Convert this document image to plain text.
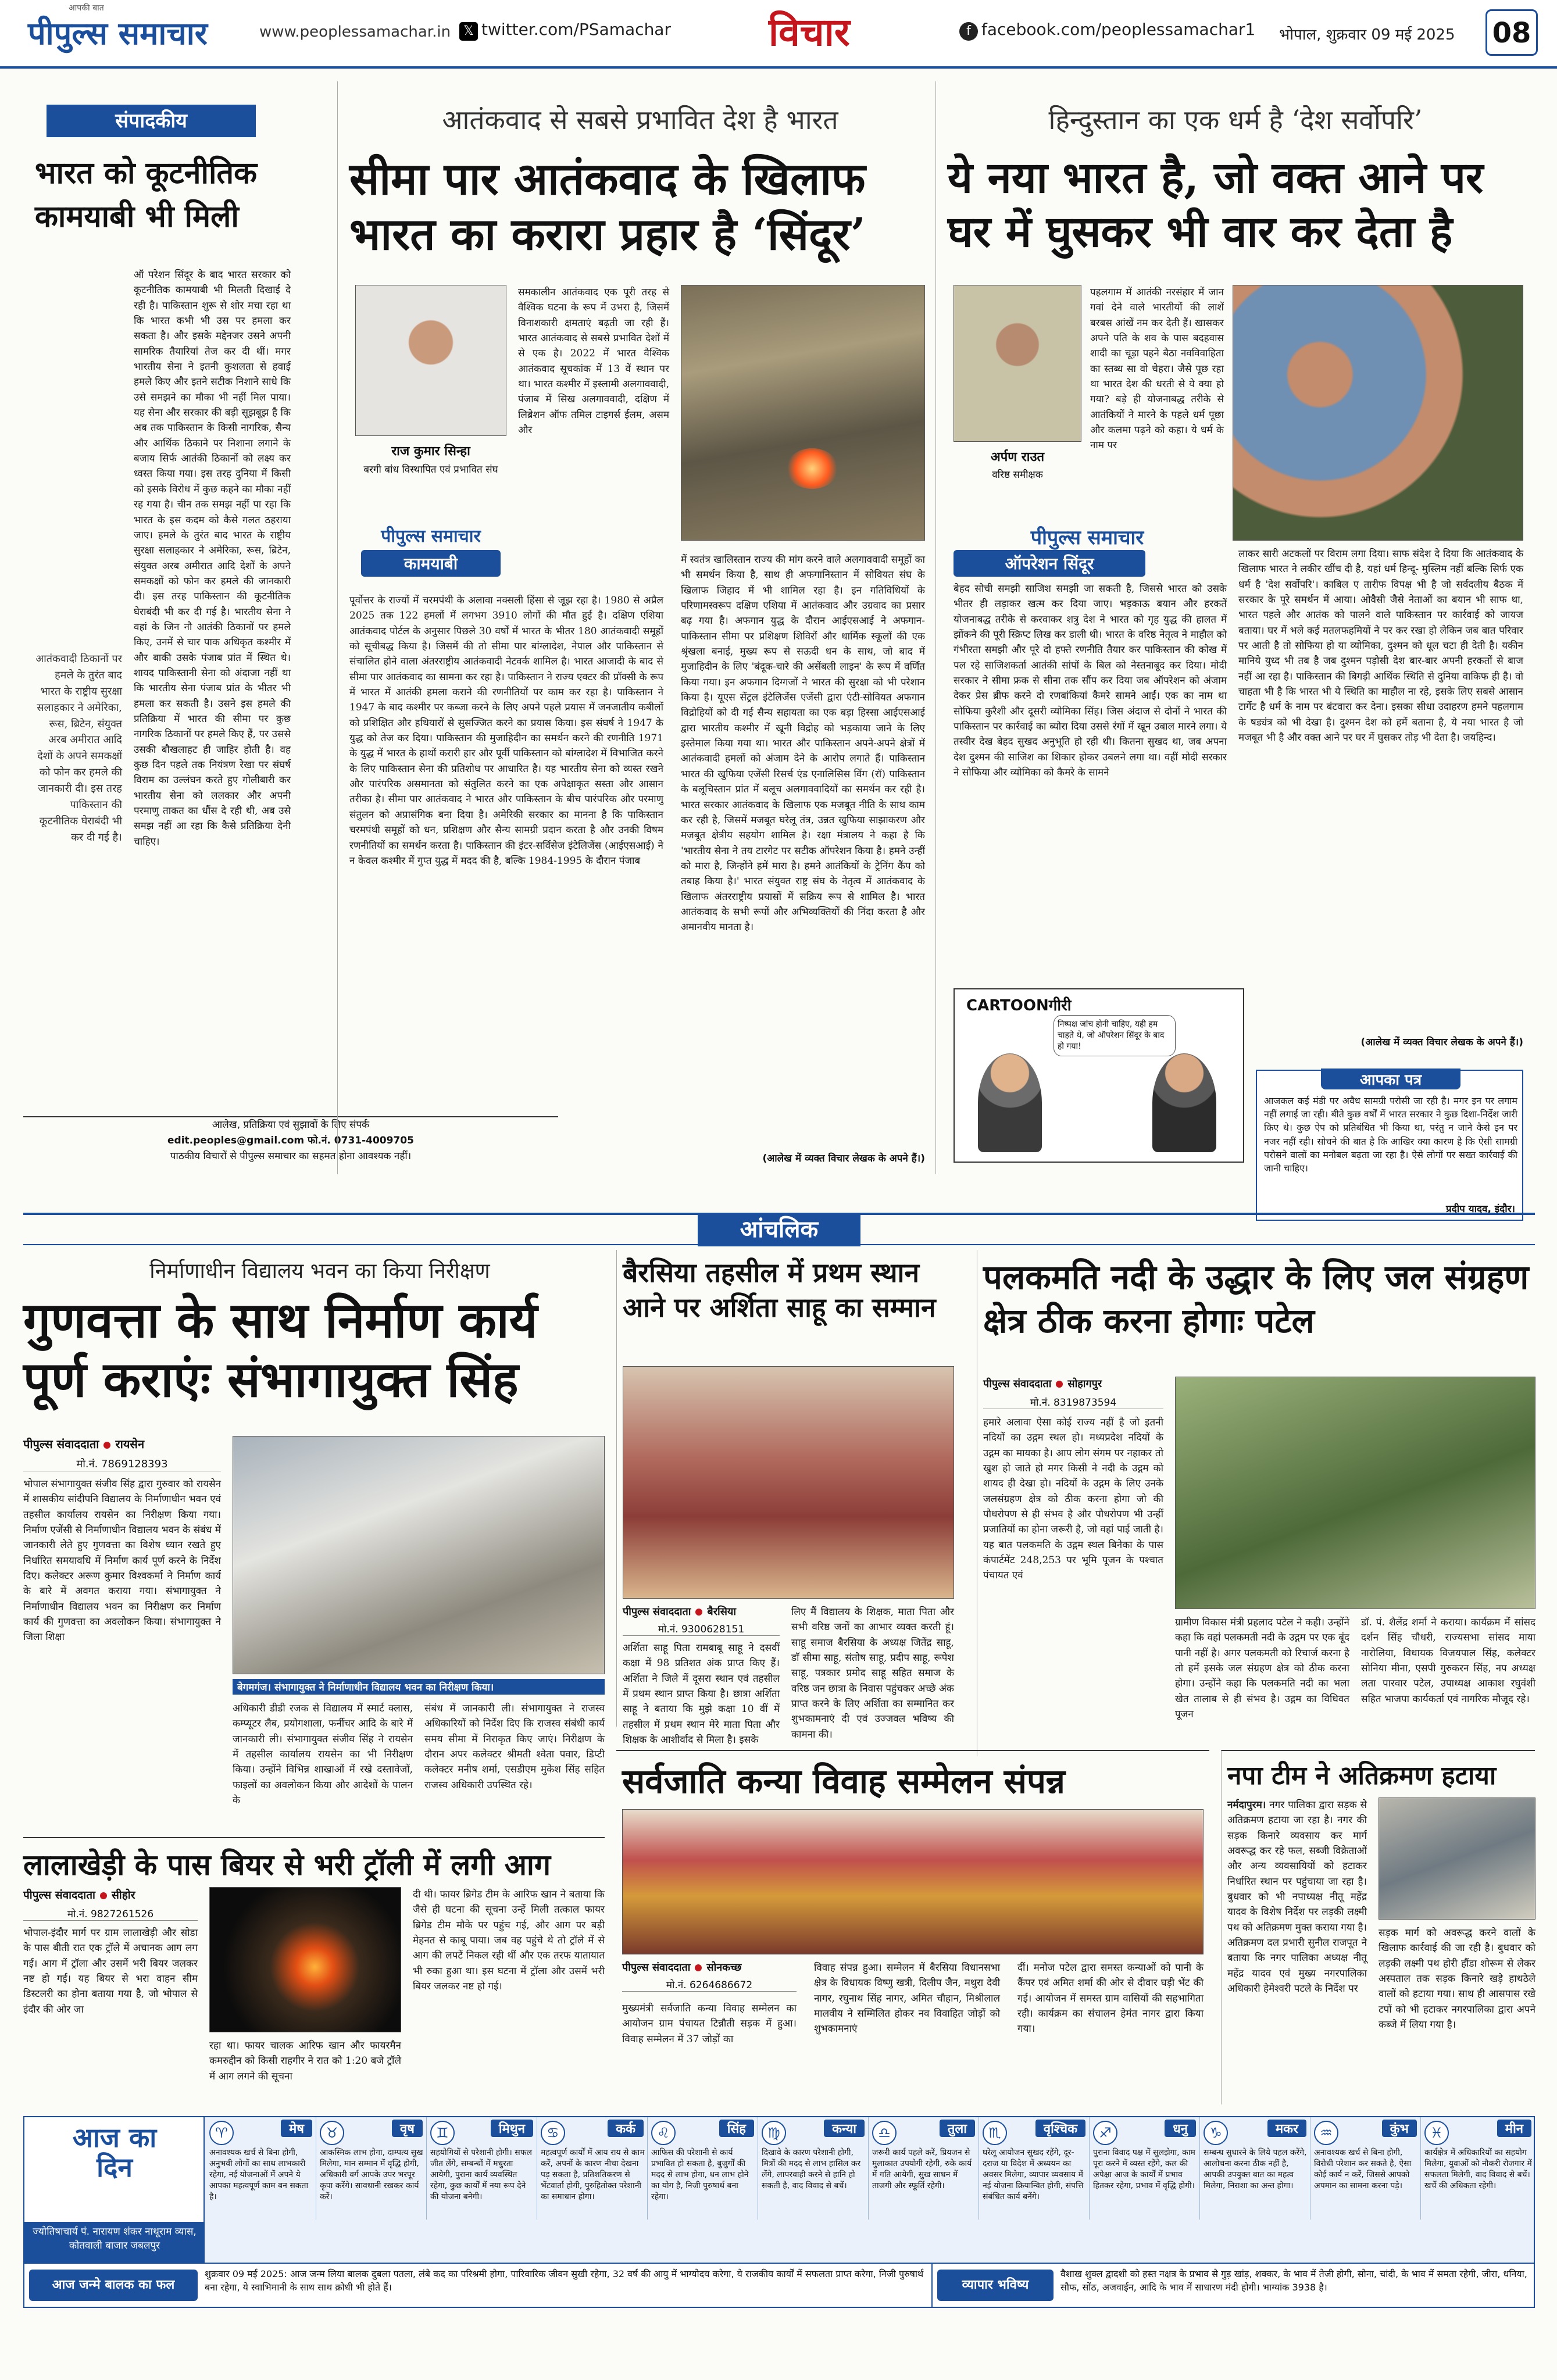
आपकी बात
पीपुल्स समाचार	www.peoplessamachar.in	𝕏 twitter.com/PSamachar	विचार	f facebook.com/peoplessamachar1 भोपाल, शुक्रवार 09 मई 2025 08
संपादकीय
भारत को कूटनीतिक कामयाबी भी मिली
आतंकवादी ठिकानों पर हमले के तुरंत बाद भारत के राष्ट्रीय सुरक्षा सलाहकार ने अमेरिका, रूस, ब्रिटेन, संयुक्त अरब अमीरात आदि देशों के अपने समकक्षों को फोन कर हमले की जानकारी दी। इस तरह पाकिस्तान की कूटनीतिक घेराबंदी भी कर दी गई है।
ऑ परेशन सिंदूर के बाद भारत सरकार को कूटनीतिक कामयाबी भी मिलती दिखाई दे रही है। पाकिस्तान शुरू से शोर मचा रहा था कि भारत कभी भी उस पर हमला कर सकता है। और इसके मद्देनजर उसने अपनी सामरिक तैयारियां तेज कर दी थीं। मगर भारतीय सेना ने इतनी कुशलता से हवाई हमले किए और इतने सटीक निशाने साधे कि उसे समझने का मौका भी नहीं मिल पाया। यह सेना और सरकार की बड़ी सूझबूझ है कि अब तक पाकिस्तान के किसी नागरिक, सैन्य और आर्थिक ठिकाने पर निशाना लगाने के बजाय सिर्फ आतंकी ठिकानों को लक्ष्य कर ध्वस्त किया गया। इस तरह दुनिया में किसी को इसके विरोध में कुछ कहने का मौका नहीं रह गया है। चीन तक समझ नहीं पा रहा कि भारत के इस कदम को कैसे गलत ठहराया जाए। हमले के तुरंत बाद भारत के राष्ट्रीय सुरक्षा सलाहकार ने अमेरिका, रूस, ब्रिटेन, संयुक्त अरब अमीरात आदि देशों के अपने समकक्षों को फोन कर हमले की जानकारी दी। इस तरह पाकिस्तान की कूटनीतिक घेराबंदी भी कर दी गई है। भारतीय सेना ने वहां के जिन नौ आतंकी ठिकानों पर हमले किए, उनमें से चार पाक अधिकृत कश्मीर में और बाकी उसके पंजाब प्रांत में स्थित थे। शायद पाकिस्तानी सेना को अंदाजा नहीं था कि भारतीय सेना पंजाब प्रांत के भीतर भी हमला कर सकती है। उसने इस हमले की प्रतिक्रिया में भारत की सीमा पर कुछ नागरिक ठिकानों पर हमले किए हैं, पर उससे उसकी बौखलाहट ही जाहिर होती है। वह कुछ दिन पहले तक नियंत्रण रेखा पर संघर्ष विराम का उल्लंघन करते हुए गोलीबारी कर भारतीय सेना को ललकार और अपनी परमाणु ताकत का धौंस दे रही थी, अब उसे समझ नहीं आ रहा कि कैसे प्रतिक्रिया देनी चाहिए।
आलेख, प्रतिक्रिया एवं सुझावों के लिए संपर्क
edit.peoples@gmail.com फो.नं. 0731-4009705
पाठकीय विचारों से पीपुल्स समाचार का सहमत होना आवश्यक नहीं।
आतंकवाद से सबसे प्रभावित देश है भारत
सीमा पार आतंकवाद के खिलाफ भारत का करारा प्रहार है ‘सिंदूर’
राज कुमार सिन्हा
बरगी बांध विस्थापित एवं प्रभावित संघ
पीपुल्स समाचार
कामयाबी
समकालीन आतंकवाद एक पूरी तरह से वैश्विक घटना के रूप में उभरा है, जिसमें विनाशकारी क्षमताएं बढ़ती जा रही हैं। भारत आतंकवाद से सबसे प्रभावित देशों में से एक है। 2022 में भारत वैश्विक आतंकवाद सूचकांक में 13 वें स्थान पर था। भारत कश्मीर में इस्लामी अलगाववादी, पंजाब में सिख अलगाववादी, दक्षिण में लिब्रेशन ऑफ तमिल टाइगर्स ईलम, असम और
पूर्वोत्तर के राज्यों में चरमपंथी के अलावा नक्सली हिंसा से जूझ रहा है। 1980 से अप्रैल 2025 तक 122 हमलों में लगभग 3910 लोगों की मौत हुई है। दक्षिण एशिया आतंकवाद पोर्टल के अनुसार पिछले 30 वर्षों में भारत के भीतर 180 आतंकवादी समूहों को सूचीबद्ध किया है। जिसमें की तो सीमा पार बांग्लादेश, नेपाल और पाकिस्तान से संचालित होने वाला अंतरराष्ट्रीय आतंकवादी नेटवर्क शामिल है। भारत आजादी के बाद से सीमा पार आतंकवाद का सामना कर रहा है। पाकिस्तान ने राज्य एक्टर की प्रॉक्सी के रूप में भारत में आतंकी हमला कराने की रणनीतियों पर काम कर रहा है। पाकिस्तान ने 1947 के बाद कश्मीर पर कब्जा करने के लिए अपने पहले प्रयास में जनजातीय कबीलों को प्रशिक्षित और हथियारों से सुसज्जित करने का प्रयास किया। इस संघर्ष ने 1947 के युद्ध को तेज कर दिया। पाकिस्तान की मुजाहिदीन का समर्थन करने की रणनीति 1971 के युद्ध में भारत के हाथों करारी हार और पूर्वी पाकिस्तान को बांग्लादेश में विभाजित करने के लिए पाकिस्तान सेना की प्रतिशोध पर आधारित है। यह भारतीय सेना को व्यस्त रखने और पारंपरिक असमानता को संतुलित करने का एक अपेक्षाकृत सस्ता और आसान तरीका है। सीमा पार आतंकवाद ने भारत और पाकिस्तान के बीच पारंपरिक और परमाणु संतुलन को अप्रासंगिक बना दिया है। अमेरिकी सरकार का मानना है कि पाकिस्तान चरमपंथी समूहों को धन, प्रशिक्षण और सैन्य सामग्री प्रदान करता है और उनकी विषम रणनीतियों का समर्थन करता है। पाकिस्तान की इंटर-सर्विसेज इंटेलिजेंस (आईएसआई) ने न केवल कश्मीर में गुप्त युद्ध में मदद की है, बल्कि 1984-1995 के दौरान पंजाब
में स्वतंत्र खालिस्तान राज्य की मांग करने वाले अलगाववादी समूहों का भी समर्थन किया है, साथ ही अफगानिस्तान में सोवियत संघ के खिलाफ जिहाद में भी शामिल रहा है। इन गतिविधियों के परिणामस्वरूप दक्षिण एशिया में आतंकवाद और उग्रवाद का प्रसार बढ़ गया है। अफगान युद्ध के दौरान आईएसआई ने अफगान-पाकिस्तान सीमा पर प्रशिक्षण शिविरों और धार्मिक स्कूलों की एक श्रृंखला बनाई, मुख्य रूप से सऊदी धन के साथ, जो बाद में मुजाहिदीन के लिए 'बंदूक-चारे की असेंबली लाइन' के रूप में वर्णित किया गया। इन अफगान दिग्गजों ने भारत की सुरक्षा को भी परेशान किया है। यूएस सेंट्रल इंटेलिजेंस एजेंसी द्वारा एंटी-सोवियत अफगान विद्रोहियों को दी गई सैन्य सहायता का एक बड़ा हिस्सा आईएसआई द्वारा भारतीय कश्मीर में खूनी विद्रोह को भड़काया जाने के लिए इस्तेमाल किया गया था। भारत और पाकिस्तान अपने-अपने क्षेत्रों में आतंकवादी हमलों को अंजाम देने के आरोप लगाते हैं। पाकिस्तान भारत की खुफिया एजेंसी रिसर्च एंड एनालिसिस विंग (रॉ) पाकिस्तान के बलूचिस्तान प्रांत में बलूच अलगाववादियों का समर्थन कर रही है। भारत सरकार आतंकवाद के खिलाफ एक मजबूत नीति के साथ काम कर रही है, जिसमें मजबूत घरेलू तंत्र, उन्नत खुफिया साझाकरण और मजबूत क्षेत्रीय सहयोग शामिल है। रक्षा मंत्रालय ने कहा है कि 'भारतीय सेना ने तय टारगेट पर सटीक ऑपरेशन किया है। हमने उन्हीं को मारा है, जिन्होंने हमें मारा है। हमने आतंकियों के ट्रेनिंग कैंप को तबाह किया है।' भारत संयुक्त राष्ट्र संघ के नेतृत्व में आतंकवाद के खिलाफ अंतरराष्ट्रीय प्रयासों में सक्रिय रूप से शामिल है। भारत आतंकवाद के सभी रूपों और अभिव्यक्तियों की निंदा करता है और अमानवीय मानता है।
(आलेख में व्यक्त विचार लेखक के अपने हैं।)
हिन्दुस्तान का एक धर्म है ‘देश सर्वोपरि’
ये नया भारत है, जो वक्त आने पर घर में घुसकर भी वार कर देता है
अर्पण राउत
वरिष्ठ समीक्षक
पहलगाम में आतंकी नरसंहार में जान गवां देने वाले भारतीयों की लाशें बरबस आंखें नम कर देती हैं। खासकर अपने पति के शव के पास बदहवास शादी का चूड़ा पहने बैठा नवविवाहिता का स्तब्ध सा वो चेहरा। जैसे पूछ रहा था भारत देश की धरती से ये क्या हो गया? बड़े ही योजनाबद्ध तरीके से आतंकियों ने मारने के पहले धर्म पूछा और कलमा पढ़ने को कहा। ये धर्म के नाम पर
पीपुल्स समाचार
ऑपरेशन सिंदूर
बेहद सोची समझी साजिश समझी जा सकती है, जिससे भारत को उसके भीतर ही लड़ाकर खत्म कर दिया जाए। भड़काऊ बयान और हरकतें योजनाबद्ध तरीके से करवाकर शत्रु देश ने भारत को गृह युद्ध की हालत में झोंकने की पूरी स्क्रिप्ट लिख कर डाली थी। भारत के वरिष्ठ नेतृत्व ने माहौल को गंभीरता समझी और पूरे दो हफ्ते रणनीति तैयार कर पाकिस्तान की कोख में पल रहे साजिशकर्ता आतंकी सांपों के बिल को नेस्तनाबूद कर दिया। मोदी सरकार ने सीमा फ्रक से सीना तक सौंप कर दिया जब ऑपरेशन को अंजाम देकर प्रेस ब्रीफ करने दो रणबांकियां कैमरे सामने आईं। एक का नाम था सोफिया कुरैशी और दूसरी व्योमिका सिंह। जिस अंदाज से दोनों ने भारत की पाकिस्तान पर कार्रवाई का ब्योरा दिया उससे रंगों में खून उबाल मारने लगा। ये तस्वीर देख बेहद सुखद अनुभूति हो रही थी। कितना सुखद था, जब अपना देश दुश्मन की साजिश का शिकार होकर उबलने लगा था। वहीं मोदी सरकार ने सोफिया और व्योमिका को कैमरे के सामने
लाकर सारी अटकलों पर विराम लगा दिया। साफ संदेश दे दिया कि आतंकवाद के खिलाफ भारत ने लकीर खींच दी है, यहां धर्म हिन्दू- मुस्लिम नहीं बल्कि सिर्फ एक धर्म है 'देश सर्वोपरि'। काबिल ए तारीफ विपक्ष भी है जो सर्वदलीय बैठक में सरकार के पूरे समर्थन में आया। ओवैसी जैसे नेताओं का बयान भी साफ था, भारत पहले और आतंक को पालने वाले पाकिस्तान पर कार्रवाई को जायज बताया। घर में भले कई मतलफहमियों ने पर कर रखा हो लेकिन जब बात परिवार पर आती है तो सोफिया हो या व्योमिका, दुश्मन को धूल चटा ही देती है। यकीन मानिये युध्द भी तब है जब दुश्मन पड़ोसी देश बार-बार अपनी हरकतों से बाज नहीं आ रहा है। पाकिस्तान की बिगड़ी आर्थिक स्थिति से दुनिया वाकिफ ही है। वो चाहता भी है कि भारत भी ये स्थिति का माहौल ना रहे, इसके लिए सबसे आसान टार्गेट है धर्म के नाम पर बंटवारा कर देना। इसका सीधा उदाहरण हमने पहलगाम के षड्यंत्र को भी देखा है। दुश्मन देश को हमें बताना है, ये नया भारत है जो मजबूत भी है और वक्त आने पर घर में घुसकर तोड़ भी देता है। जयहिन्द।
(आलेख में व्यक्त विचार लेखक के अपने हैं।)
CARTOONगीरी
निष्पक्ष जांच होनी चाहिए, यही हम चाहते थे, जो ऑपरेशन सिंदूर के बाद हो गया!
आपका पत्र
आजकल कई मंडी पर अवैध सामग्री परोसी जा रही है। मगर इन पर लगाम नहीं लगाई जा रही। बीते कुछ वर्षों में भारत सरकार ने कुछ दिशा-निर्देश जारी किए थे। कुछ ऐप को प्रतिबंधित भी किया था, परंतु न जाने कैसे इन पर नजर नहीं रही। सोचने की बात है कि आखिर क्या कारण है कि ऐसी सामग्री परोसने वालों का मनोबल बढ़ता जा रहा है। ऐसे लोगों पर सख्त कार्रवाई की जानी चाहिए।
प्रदीप यादव, इंदौर।
आंचलिक
निर्माणाधीन विद्यालय भवन का किया निरीक्षण
गुणवत्ता के साथ निर्माण कार्य पूर्ण कराएंः संभागायुक्त सिंह
पीपुल्स संवाददाता रायसेन
मो.नं. 7869128393
भोपाल संभागायुक्त संजीव सिंह द्वारा गुरुवार को रायसेन में शासकीय सांदीपनि विद्यालय के निर्माणाधीन भवन एवं तहसील कार्यालय रायसेन का निरीक्षण किया गया। निर्माण एजेंसी से निर्माणाधीन विद्यालय भवन के संबंध में जानकारी लेते हुए गुणवत्ता का विशेष ध्यान रखते हुए निर्धारित समयावधि में निर्माण कार्य पूर्ण करने के निर्देश दिए। कलेक्टर अरूण कुमार विश्वकर्मा ने निर्माण कार्य के बारे में अवगत कराया गया। संभागायुक्त ने निर्माणाधीन विद्यालय भवन का निरीक्षण कर निर्माण कार्य की गुणवत्ता का अवलोकन किया। संभागायुक्त ने जिला शिक्षा
बेगमगंज। संभागायुक्त ने निर्माणाधीन विद्यालय भवन का निरीक्षण किया।
अधिकारी डीडी रजक से विद्यालय में स्मार्ट क्लास, कम्प्यूटर लैब, प्रयोगशाला, फर्नीचर आदि के बारे में जानकारी ली। संभागायुक्त संजीव सिंह ने रायसेन में तहसील कार्यालय रायसेन का भी निरीक्षण किया। उन्होंने विभिन्न शाखाओं में रखे दस्तावेजों, फाइलों का अवलोकन किया और आदेशों के पालन के
संबंध में जानकारी ली। संभागायुक्त ने राजस्व अधिकारियों को निर्देश दिए कि राजस्व संबंधी कार्य समय सीमा में निराकृत किए जाएं। निरीक्षण के दौरान अपर कलेक्टर श्रीमती श्वेता पवार, डिप्टी कलेक्टर मनीष शर्मा, एसडीएम मुकेश सिंह सहित राजस्व अधिकारी उपस्थित रहे।
लालाखेड़ी के पास बियर से भरी ट्रॉली में लगी आग
पीपुल्स संवाददाता सीहोर
मो.नं. 9827261526
भोपाल-इंदौर मार्ग पर ग्राम लालाखेड़ी और सोडा के पास बीती रात एक ट्रॉले में अचानक आग लग गई। आग में ट्रॉला और उसमें भरी बियर जलकर नष्ट हो गई। यह बियर से भरा वाहन सीम डिस्टलरी का होना बताया गया है, जो भोपाल से इंदौर की ओर जा
रहा था। फायर चालक आरिफ खान और फायरमैन कमरुद्दीन को किसी राहगीर ने रात को 1:20 बजे ट्रॉले में आग लगने की सूचना
दी थी। फायर ब्रिगेड टीम के आरिफ खान ने बताया कि जैसे ही घटना की सूचना उन्हें मिली तत्काल फायर ब्रिगेड टीम मौके पर पहुंच गई, और आग पर बड़ी मेहनत से काबू पाया। जब वह पहुंचे थे तो ट्रॉले में से आग की लपटें निकल रही थीं और एक तरफ यातायात भी रुका हुआ था। इस घटना में ट्रॉला और उसमें भरी बियर जलकर नष्ट हो गई।
बैरसिया तहसील में प्रथम स्थान आने पर अर्शिता साहू का सम्मान
पीपुल्स संवाददाता बैरसिया
मो.नं. 9300628151
अर्शिता साहू पिता रामबाबू साहू ने दसवीं कक्षा में 98 प्रतिशत अंक प्राप्त किए हैं। अर्शिता ने जिले में दूसरा स्थान एवं तहसील में प्रथम स्थान प्राप्त किया है। छात्रा अर्शिता साहू ने बताया कि मुझे कक्षा 10 वीं में तहसील में प्रथम स्थान मेरे माता पिता और शिक्षक के आशीर्वाद से मिला है। इसके
लिए मैं विद्यालय के शिक्षक, माता पिता और सभी वरिष्ठ जनों का आभार व्यक्त करती हूं। साहू समाज बैरसिया के अध्यक्ष जितेंद्र साहू, डाॅ सीमा साहू, संतोष साहू, प्रदीप साहू, रूपेश साहू, पत्रकार प्रमोद साहू सहित समाज के वरिष्ठ जन छात्रा के निवास पहुंचकर अच्छे अंक प्राप्त करने के लिए अर्शिता का सम्मानित कर शुभकामनाएं दी एवं उज्जवल भविष्य की कामना की।
पलकमति नदी के उद्धार के लिए जल संग्रहण क्षेत्र ठीक करना होगाः पटेल
पीपुल्स संवाददाता सोहागपुर
मो.नं. 8319873594
हमारे अलावा ऐसा कोई राज्य नहीं है जो इतनी नदियों का उद्गम स्थल हो। मध्यप्रदेश नदियों के उद्गम का मायका है। आप लोग संगम पर नहाकर तो खुश हो जाते हो मगर किसी ने नदी के उद्गम को शायद ही देखा हो। नदियों के उद्गम के लिए उनके जलसंग्रहण क्षेत्र को ठीक करना होगा जो की पौधरोपण से ही संभव है और पौधरोपण भी उन्हीं प्रजातियों का होना जरूरी है, जो वहां पाई जाती है। यह बात पलकमति के उद्गम स्थल बिनेका के पास कंपार्टमेंट 248,253 पर भूमि पूजन के पश्चात पंचायत एवं
ग्रामीण विकास मंत्री प्रहलाद पटेल ने कही। उन्होंने कहा कि वहां पलकमती नदी के उद्गम पर एक बूंद पानी नहीं है। अगर पलकमती को रिचार्ज करना है तो हमें इसके जल संग्रहण क्षेत्र को ठीक करना होगा। उन्होंने कहा कि पलकमति नदी का भला खेत तालाब से ही संभव है। उद्गम का विधिवत पूजन
डॉ. पं. शैलेंद्र शर्मा ने कराया। कार्यक्रम में सांसद दर्शन सिंह चौधरी, राज्यसभा सांसद माया नारोलिया, विधायक विजयपाल सिंह, कलेक्टर सोनिया मीना, एसपी गुरुकरन सिंह, नप अध्यक्ष लता पारवार पटेल, उपाध्यक्ष आकाश रघुवंशी सहित भाजपा कार्यकर्ता एवं नागरिक मौजूद रहे।
सर्वजाति कन्या विवाह सम्मेलन संपन्न
पीपुल्स संवाददाता सोनकच्छ
मो.नं. 6264686672
मुख्यमंत्री सर्वजाति कन्या विवाह सम्मेलन का आयोजन ग्राम पंचायत टिन्नौती सड़क में हुआ। विवाह सम्मेलन में 37 जोड़ों का
विवाह संपन्न हुआ। सम्मेलन में बैरसिया विधानसभा क्षेत्र के विधायक विष्णु खत्री, दिलीप जैन, मथुरा देवी नागर, रघुनाथ सिंह नागर, अमित चौहान, मिश्रीलाल मालवीय ने सम्मिलित होकर नव विवाहित जोड़ों को शुभकामनाएं
दीं। मनोज पटेल द्वारा समस्त कन्याओं को पानी के कैंपर एवं अमित शर्मा की ओर से दीवार घड़ी भेंट की गई। आयोजन में समस्त ग्राम वासियों की सहभागिता रही। कार्यक्रम का संचालन हेमंत नागर द्वारा किया गया।
नपा टीम ने अतिक्रमण हटाया
नर्मदापुरम। नगर पालिका द्वारा सड़क से अतिक्रमण हटाया जा रहा है। नगर की सड़क किनारे व्यवसाय कर मार्ग अवरूद्ध कर रहे फल, सब्जी विक्रेताओं और अन्य व्यवसायियों को हटाकर निर्धारित स्थान पर पहुंचाया जा रहा है। बुधवार को भी नपाध्यक्ष नीतू महेंद्र यादव के विशेष निर्देश पर लड़की लक्ष्मी पथ को अतिक्रमण मुक्त कराया गया है। अतिक्रमण दल प्रभारी सुनील राजपूत ने बताया कि नगर पालिका अध्यक्ष नीतू महेंद्र यादव एवं मुख्य नगरपालिका अधिकारी हेमेश्वरी पटले के निर्देश पर
सड़क मार्ग को अवरूद्ध करने वालों के खिलाफ कार्रवाई की जा रही है। बुधवार को लड़की लक्ष्मी पथ होरी हौंडा शोरूम से लेकर अस्पताल तक सड़क किनारे खड़े हाथठेले वालों को हटाया गया। साथ ही आसपास रखे टपों को भी हटाकर नगरपालिका द्वारा अपने कब्जे में लिया गया है।
आज का दिन
ज्योतिषाचार्य पं. नारायण शंकर नाथूराम व्यास, कोतवाली बाजार जबलपुर
♈	मेष
अनावश्यक खर्च से बिना होगी, अनुभवी लोगों का साथ लाभकारी रहेगा, नई योजनाओं में अपने ये आपका महत्वपूर्ण काम बन सकता है।
♉	वृष
आकस्मिक लाभ होगा, दाम्पत्य सुख मिलेगा, मान सम्मान में वृद्धि होगी, अधिकारी वर्ग आपके उपर भरपूर कृपा करेंगे। सावधानी रखकर कार्य करें।
♊	मिथुन
सहयोगियों से परेशानी होगी। सफल जीत लेंगे, सम्बन्धों में मधुरता आयेगी, पुराना कार्य व्यवस्थित रहेगा, कुछ कार्यों में नया रूप देने की योजना बनेगी।
♋	कर्क
महत्वपूर्ण कार्यों में आय राय से काम करें, अपनों के कारण नीचा देखना पड़ सकता है, प्रतिशतिकरण से भेंटवार्ता होगी, पुरुहितोक्त परेशानी का समाधान होगा।
♌	सिंह
आफिस की परेशानी से कार्य प्रभावित हो सकता है, बुजुर्गों की मदद से लाभ होगा, धन लाभ होने का योग है, निजी पुरुषार्थ बना रहेगा।
♍	कन्या
दिखावे के कारण परेशानी होगी, मित्रों की मदद से लाभ हासिल कर लेंगे, लापरवाही करने से हानि हो सकती है, वाद विवाद से बचें।
♎	तुला
जरूरी कार्य पहले करें, प्रियजन से मुलाकात उपयोगी रहेगी, रुके कार्य में गति आयेगी, सुख साधन में ताजगी और स्फूर्ति रहेगी।
♏	वृश्चिक
घरेलू आयोजन सुखद रहेंगे, दूर-दराज या विदेश में अध्ययन का अवसर मिलेगा, व्यापार व्यवसाय में नई योजना क्रियान्वित होगी, संपत्ति संबंधित कार्य बनेंगे।
♐	धनु
पुराना विवाद पक्ष में सुलझेगा, काम पूरा करने में व्यस्त रहेंगे, कल की अपेक्षा आज के कार्यों में प्रभाव हितकर रहेगा, प्रभाव में वृद्धि होगी।
♑	मकर
सम्बन्ध सुधारने के लिये पहल करेंगे, आलोचना करना ठीक नहीं है, आपकी उपयुक्त बात का महत्व मिलेगा, निराशा का अन्त होगा।
♒	कुंभ
अनावश्यक खर्च से बिना होगी, विरोधी परेशान कर सकते है, ऐसा कोई कार्य न करें, जिससे आपको अपमान का सामना करना पड़े।
♓	मीन
कार्यक्षेत्र में अधिकारियों का सहयोग मिलेगा, युवाओं को नौकरी रोजगार में सफलता मिलेगी, वाद विवाद से बचें। खर्चे की अधिकता रहेगी।
आज जन्मे बालक का फल
शुक्रवार 09 मई 2025: आज जन्म लिया बालक दुबला पतला, लंबे कद का परिश्रमी होगा, पारिवारिक जीवन सुखी रहेगा, 32 वर्ष की आयु में भाग्योदय करेगा, ये राजकीय कार्यों में सफलता प्राप्त करेगा, निजी पुरुषार्थ बना रहेगा, ये स्वाभिमानी के साथ साथ क्रोधी भी होते हैं।	व्यापार भविष्य
वैशाख शुक्ल द्वादशी को हस्त नक्षत्र के प्रभाव से गुड़ खांड़, शक्कर, के भाव में तेजी होगी, सोना, चांदी, के भाव में समता रहेगी, जीरा, धनिया, सौफ, सोंठ, अजवाईन, आदि के भाव में साधारण मंदी होगी। भाग्यांक 3938 है।
